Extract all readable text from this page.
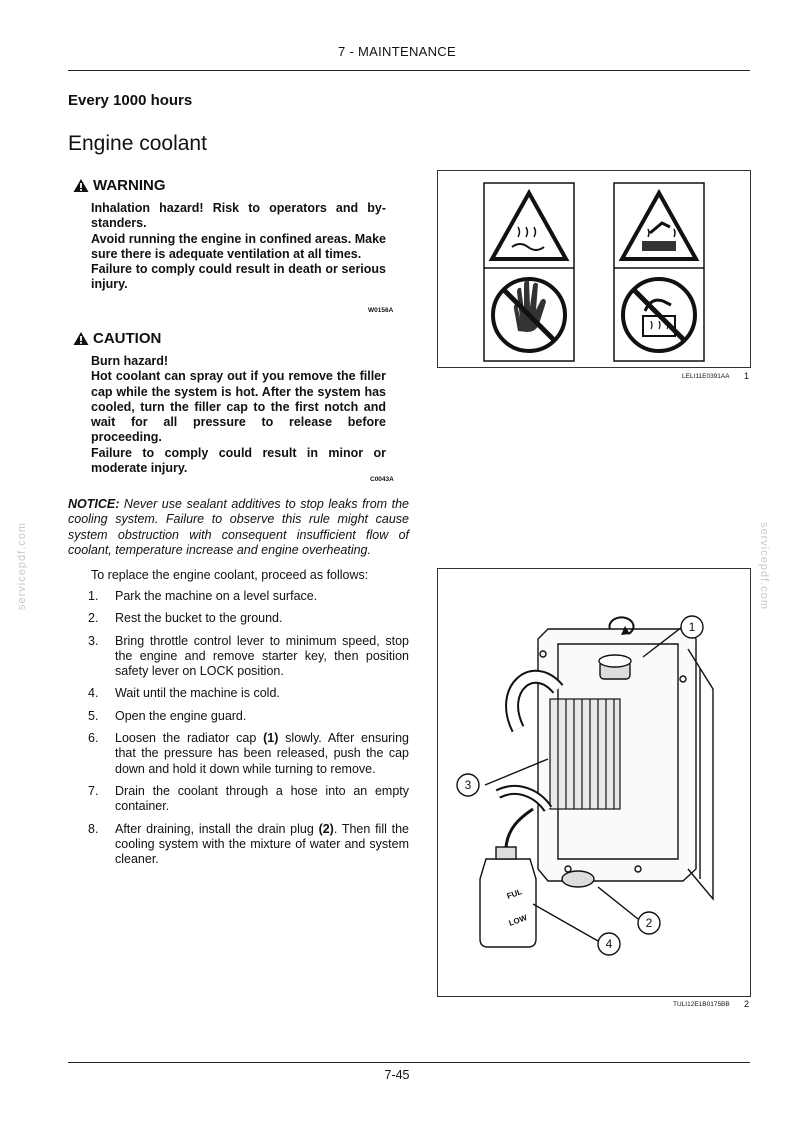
7 - MAINTENANCE
Every 1000 hours
Engine coolant
WARNING

Inhalation hazard! Risk to operators and by-standers.

Avoid running the engine in confined areas. Make sure there is adequate ventilation at all times.

Failure to comply could result in death or serious injury.

W0156A
CAUTION

Burn hazard!

Hot coolant can spray out if you remove the filler cap while the system is hot. After the system has cooled, turn the filler cap to the first notch and wait for all pressure to release before proceeding.

Failure to comply could result in minor or moderate injury.

C0043A
NOTICE: Never use sealant additives to stop leaks from the cooling system. Failure to observe this rule might cause system obstruction with consequent insufficient flow of coolant, temperature increase and engine overheating.
To replace the engine coolant, proceed as follows:
1.	Park the machine on a level surface.
2.	Rest the bucket to the ground.
3.	Bring throttle control lever to minimum speed, stop the engine and remove starter key, then position safety lever on LOCK position.
4.	Wait until the machine is cold.
5.	Open the engine guard.
6.	Loosen the radiator cap (1) slowly. After ensuring that the pressure has been released, push the cap down and hold it down while turning to remove.
7.	Drain the coolant through a hose into an empty container.
8.	After draining, install the drain plug (2). Then fill the cooling system with the mixture of water and system cleaner.
LELI11E0391AA 1
FUL
LOW
1
2
3
4
TULI12E1B0175BB 2
servicepdf.com	servicepdf.com
7-45
